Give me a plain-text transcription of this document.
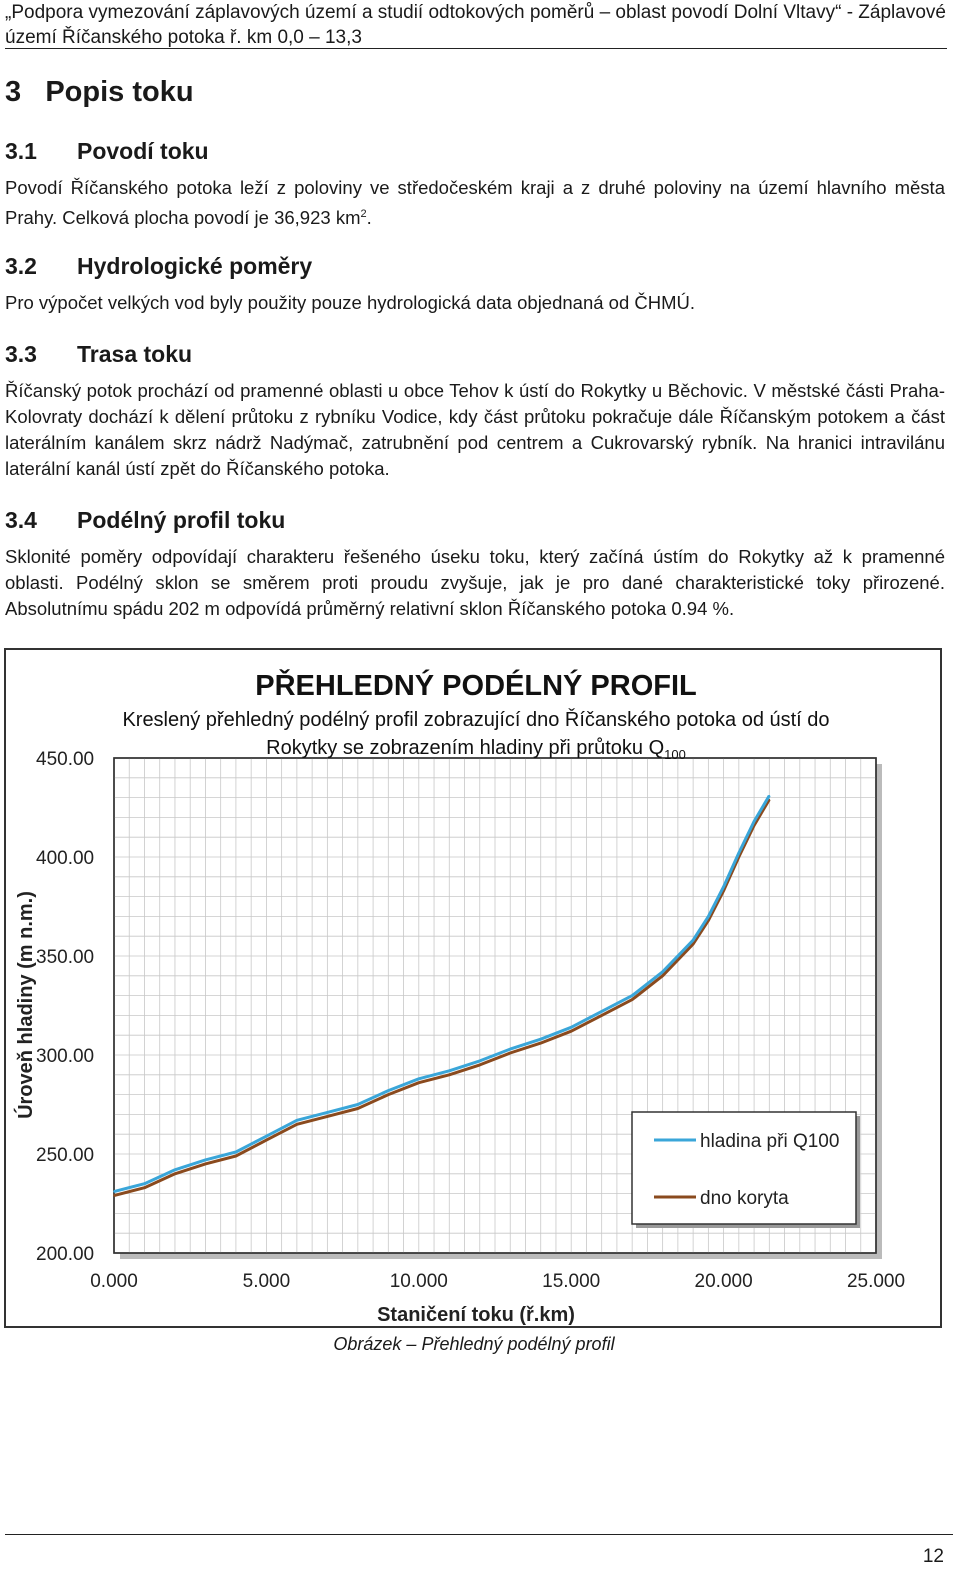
„Podpora vymezování záplavových území a studií odtokových poměrů – oblast povodí Dolní Vltavy“ - Záplavové území Říčanského potoka ř. km 0,0 – 13,3
3 Popis toku
3.1 Povodí toku
Povodí Říčanského potoka leží z poloviny ve středočeském kraji a z druhé poloviny na území hlavního města Prahy. Celková plocha povodí je 36,923 $km^2$.
3.2 Hydrologické poměry
Pro výpočet velkých vod byly použity pouze hydrologická data objednaná od ČHMÚ.
3.3 Trasa toku
Říčanský potok prochází od pramenné oblasti u obce Tehov k ústí do Rokytky u Běchovic. V městské části Praha-Kolovraty dochází k dělení průtoku z rybníku Vodice, kdy část průtoku pokračuje dále Říčanským potokem a část laterálním kanálem skrz nádrž Nadýmač, zatrubnění pod centrem a Cukrovarský rybník. Na hranici intravilánu laterální kanál ústí zpět do Říčanského potoka.
3.4 Podélný profil toku
Sklonité poměry odpovídají charakteru řešeného úseku toku, který začíná ústím do Rokytky až k pramenné oblasti. Podélný sklon se směrem proti proudu zvyšuje, jak je pro dané charakteristické toky přirozené. Absolutnímu spádu 202 m odpovídá průměrný relativní sklon Říčanského potoka 0.94 %.
200.00
250.00
300.00
350.00
400.00
450.00
0.000	5.000	10.000	15.000	20.000	25.000
PŘEHLEDNÝ PODÉLNÝ PROFIL
Kreslený přehledný podélný profil zobrazující dno Říčanského potoka od ústí do
Rokytky se zobrazením hladiny při průtoku $Q_{100}$
Staničení toku (ř.km)
Úroveň hladiny (m n.m.)
hladina při Q100
dno koryta
Obrázek – Přehledný podélný profil
12
